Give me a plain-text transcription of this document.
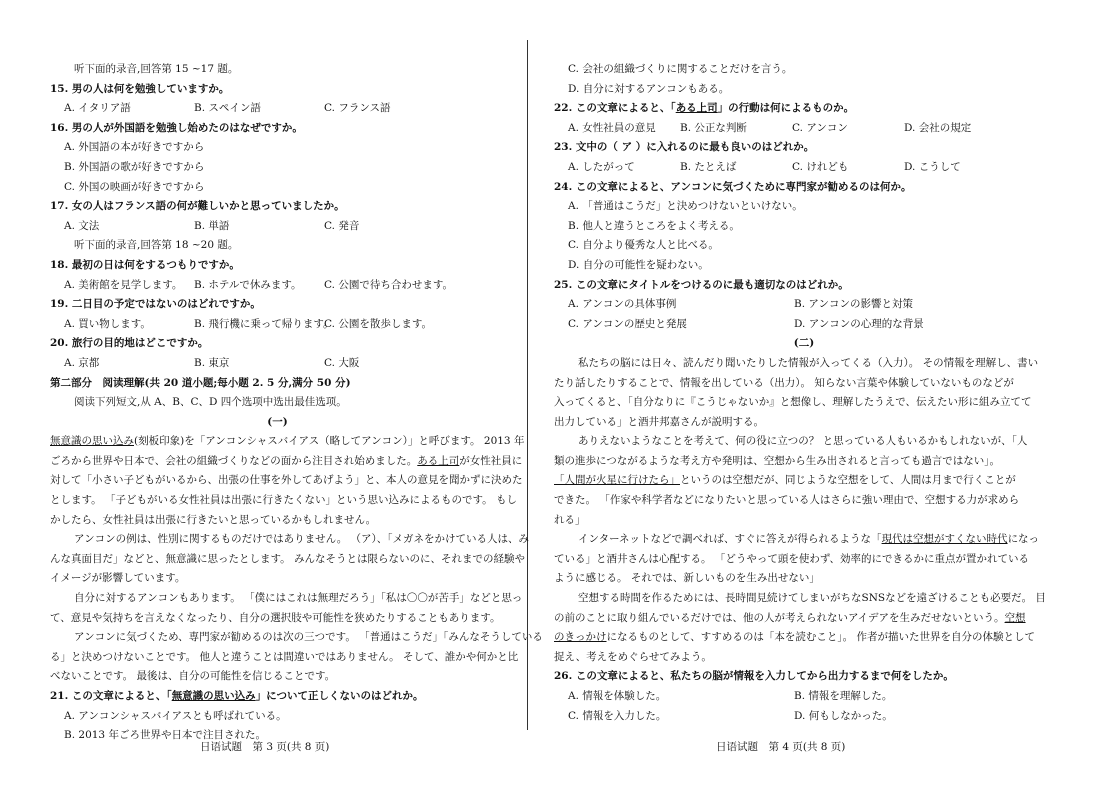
听下面的录音,回答第 15 ~17 题。
15. 男の人は何を勉強していますか。
A. イタリア語	B. スペイン語	C. フランス語
16. 男の人が外国語を勉強し始めたのはなぜですか。
A. 外国語の本が好きですから
B. 外国語の歌が好きですから
C. 外国の映画が好きですから
17. 女の人はフランス語の何が難しいかと思っていましたか。
A. 文法	B. 単語	C. 発音
听下面的录音,回答第 18 ~20 题。
18. 最初の日は何をするつもりですか。
A. 美術館を見学します。	B. ホテルで休みます。	C. 公園で待ち合わせます。
19. 二日目の予定ではないのはどれですか。
A. 買い物します。	B. 飛行機に乗って帰ります。
C. 公園を散歩します。
20. 旅行の目的地はどこですか。
A. 京都	B. 東京	C. 大阪
第二部分　阅读理解(共 20 道小题;每小题 2. 5 分,满分 50 分)
阅读下列短文,从 A、B、C、D 四个选项中选出最佳选项。
(一)
無意識の思い込み(刻板印象)を「アンコンシャスバイアス（略してアンコン）」と呼びます。 2013 年
ごろから世界や日本で、会社の組織づくりなどの面から注目され始めました。ある上司が女性社員に
対して「小さい子どもがいるから、出張の仕事を外してあげよう」と、本人の意見を聞かずに決めた
とします。 「子どもがいる女性社員は出張に行きたくない」という思い込みによるものです。 もし
かしたら、女性社員は出張に行きたいと思っているかもしれません。
アンコンの例は、性別に関するものだけではありません。 （ア）、「メガネをかけている人は、み
んな真面目だ」などと、無意識に思ったとします。 みんなそうとは限らないのに、それまでの経験や
イメージが影響しています。
自分に対するアンコンもあります。 「僕にはこれは無理だろう」「私は〇〇が苦手」などと思っ
て、意見や気持ちを言えなくなったり、自分の選択肢や可能性を狭めたりすることもあります。
アンコンに気づくため、専門家が勧めるのは次の三つです。 「普通はこうだ」「みんなそうしている
る」と決めつけないことです。 他人と違うことは間違いではありません。 そして、誰かや何かと比
べないことです。 最後は、自分の可能性を信じることです。
21. この文章によると、「無意識の思い込み」について正しくないのはどれか。
A. アンコンシャスバイアスとも呼ばれている。
B. 2013 年ごろ世界や日本で注目された。
C. 会社の組織づくりに関することだけを言う。
D. 自分に対するアンコンもある。
22. この文章によると、「ある上司」の行動は何によるものか。
A. 女性社員の意見	B. 公正な判断	C. アンコン	D. 会社の規定
23. 文中の（ ア ）に入れるのに最も良いのはどれか。
A. したがって	B. たとえば	C. けれども	D. こうして
24. この文章によると、アンコンに気づくために専門家が勧めるのは何か。
A. 「普通はこうだ」と決めつけないといけない。
B. 他人と違うところをよく考える。
C. 自分より優秀な人と比べる。
D. 自分の可能性を疑わない。
25. この文章にタイトルをつけるのに最も適切なのはどれか。
A. アンコンの具体事例	B. アンコンの影響と対策
C. アンコンの歴史と発展	D. アンコンの心理的な背景
(二)
私たちの脳には日々、読んだり聞いたりした情報が入ってくる（入力）。 その情報を理解し、書い
たり話したりすることで、情報を出している（出力）。 知らない言葉や体験していないものなどが
入ってくると、「自分なりに『こうじゃないか』と想像し、理解したうえで、伝えたい形に組み立てて
出力している」と酒井邦嘉さんが説明する。
ありえないようなことを考えて、何の役に立つの？ と思っている人もいるかもしれないが、「人
類の進歩につながるような考え方や発明は、空想から生み出されると言っても過言ではない」。
「人間が火星に行けたら」というのは空想だが、同じような空想をして、人間は月まで行くことが
できた。 「作家や科学者などになりたいと思っている人はさらに強い理由で、空想する力が求めら
れる」
インターネットなどで調べれば、すぐに答えが得られるような「現代は空想がすくない時代になっ
ている」と酒井さんは心配する。 「どうやって頭を使わず、効率的にできるかに重点が置かれている
ように感じる。 それでは、新しいものを生み出せない」
空想する時間を作るためには、長時間見続けてしまいがちなSNSなどを遠ざけることも必要だ。 目
の前のことに取り組んでいるだけでは、他の人が考えられないアイデアを生みだせないという。空想
のきっかけになるものとして、すすめるのは「本を読むこと」。 作者が描いた世界を自分の体験として
捉え、考えをめぐらせてみよう。
26. この文章によると、私たちの脳が情報を入力してから出力するまで何をしたか。
A. 情報を体験した。	B. 情報を理解した。
C. 情報を入力した。	D. 何もしなかった。
日语试题　第 3 页(共 8 页)	日语试题　第 4 页(共 8 页)
